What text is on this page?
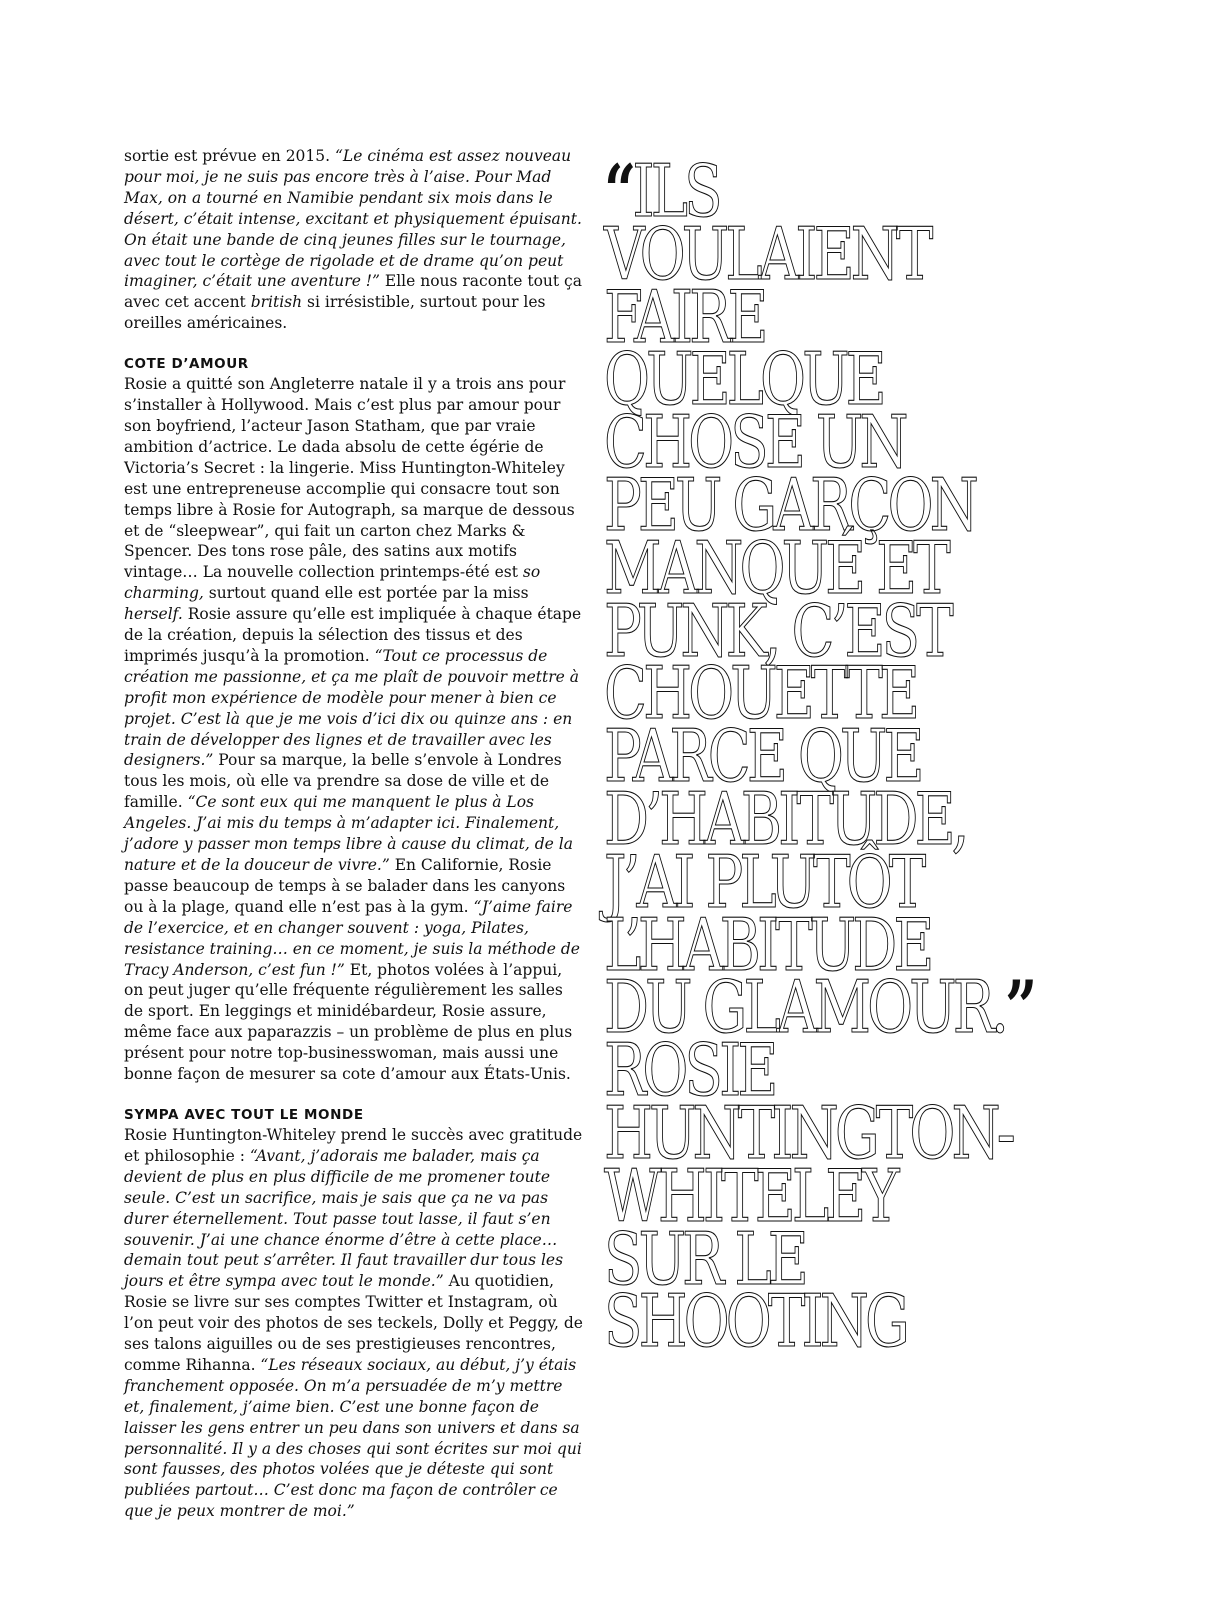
sortie est prévue en 2015. “Le cinéma est assez nouveau pour moi, je ne suis pas encore très à l’aise. Pour Mad Max, on a tourné en Namibie pendant six mois dans le désert, c’était intense, excitant et physiquement épuisant. On était une bande de cinq jeunes filles sur le tournage, avec tout le cortège de rigolade et de drame qu’on peut imaginer, c’était une aventure !” Elle nous raconte tout ça avec cet accent british si irrésistible, surtout pour les oreilles américaines.

COTE D’AMOUR

Rosie a quitté son Angleterre natale il y a trois ans pour s’installer à Hollywood. Mais c’est plus par amour pour son boyfriend, l’acteur Jason Statham, que par vraie ambition d’actrice. Le dada absolu de cette égérie de Victoria’s Secret : la lingerie. Miss Huntington-Whiteley est une entrepreneuse accomplie qui consacre tout son temps libre à Rosie for Autograph, sa marque de dessous et de “sleepwear”, qui fait un carton chez Marks & Spencer. Des tons rose pâle, des satins aux motifs vintage… La nouvelle collection printemps-été est so charming, surtout quand elle est portée par la miss herself. Rosie assure qu’elle est impliquée à chaque étape de la création, depuis la sélection des tissus et des imprimés jusqu’à la promotion. “Tout ce processus de création me passionne, et ça me plaît de pouvoir mettre à profit mon expérience de modèle pour mener à bien ce projet. C’est là que je me vois d’ici dix ou quinze ans : en train de développer des lignes et de travailler avec les designers.” Pour sa marque, la belle s’envole à Londres tous les mois, où elle va prendre sa dose de ville et de famille. “Ce sont eux qui me manquent le plus à Los Angeles. J’ai mis du temps à m’adapter ici. Finalement, j’adore y passer mon temps libre à cause du climat, de la nature et de la douceur de vivre.” En Californie, Rosie passe beaucoup de temps à se balader dans les canyons ou à la plage, quand elle n’est pas à la gym. “J’aime faire de l’exercice, et en changer souvent : yoga, Pilates, resistance training… en ce moment, je suis la méthode de Tracy Anderson, c’est fun !” Et, photos volées à l’appui, on peut juger qu’elle fréquente régulièrement les salles de sport. En leggings et minidébardeur, Rosie assure, même face aux paparazzis – un problème de plus en plus présent pour notre top-businesswoman, mais aussi une bonne façon de mesurer sa cote d’amour aux États-Unis.

SYMPA AVEC TOUT LE MONDE

Rosie Huntington-Whiteley prend le succès avec gratitude et philosophie : “Avant, j’adorais me balader, mais ça devient de plus en plus difficile de me promener toute seule. C’est un sacrifice, mais je sais que ça ne va pas durer éternellement. Tout passe tout lasse, il faut s’en souvenir. J’ai une chance énorme d’être à cette place… demain tout peut s’arrêter. Il faut travailler dur tous les jours et être sympa avec tout le monde.” Au quotidien, Rosie se livre sur ses comptes Twitter et Instagram, où l’on peut voir des photos de ses teckels, Dolly et Peggy, de ses talons aiguilles ou de ses prestigieuses rencontres, comme Rihanna. “Les réseaux sociaux, au début, j’y étais franchement opposée. On m’a persuadée de m’y mettre et, finalement, j’aime bien. C’est une bonne façon de laisser les gens entrer un peu dans son univers et dans sa personnalité. Il y a des choses qui sont écrites sur moi qui sont fausses, des photos volées que je déteste qui sont publiées partout… C’est donc ma façon de contrôler ce que je peux montrer de moi.”

“ILS
VOULAIENT
FAIRE
QUELQUE
CHOSE UN
PEU GARÇON
MANQUÉ ET
PUNK, C’EST
CHOUETTE
PARCE QUE
D’HABITUDE,
J’AI PLUTÔT
L’HABITUDE
DU GLAMOUR.”
ROSIE
HUNTINGTON-
WHITELEY
SUR LE
SHOOTING
